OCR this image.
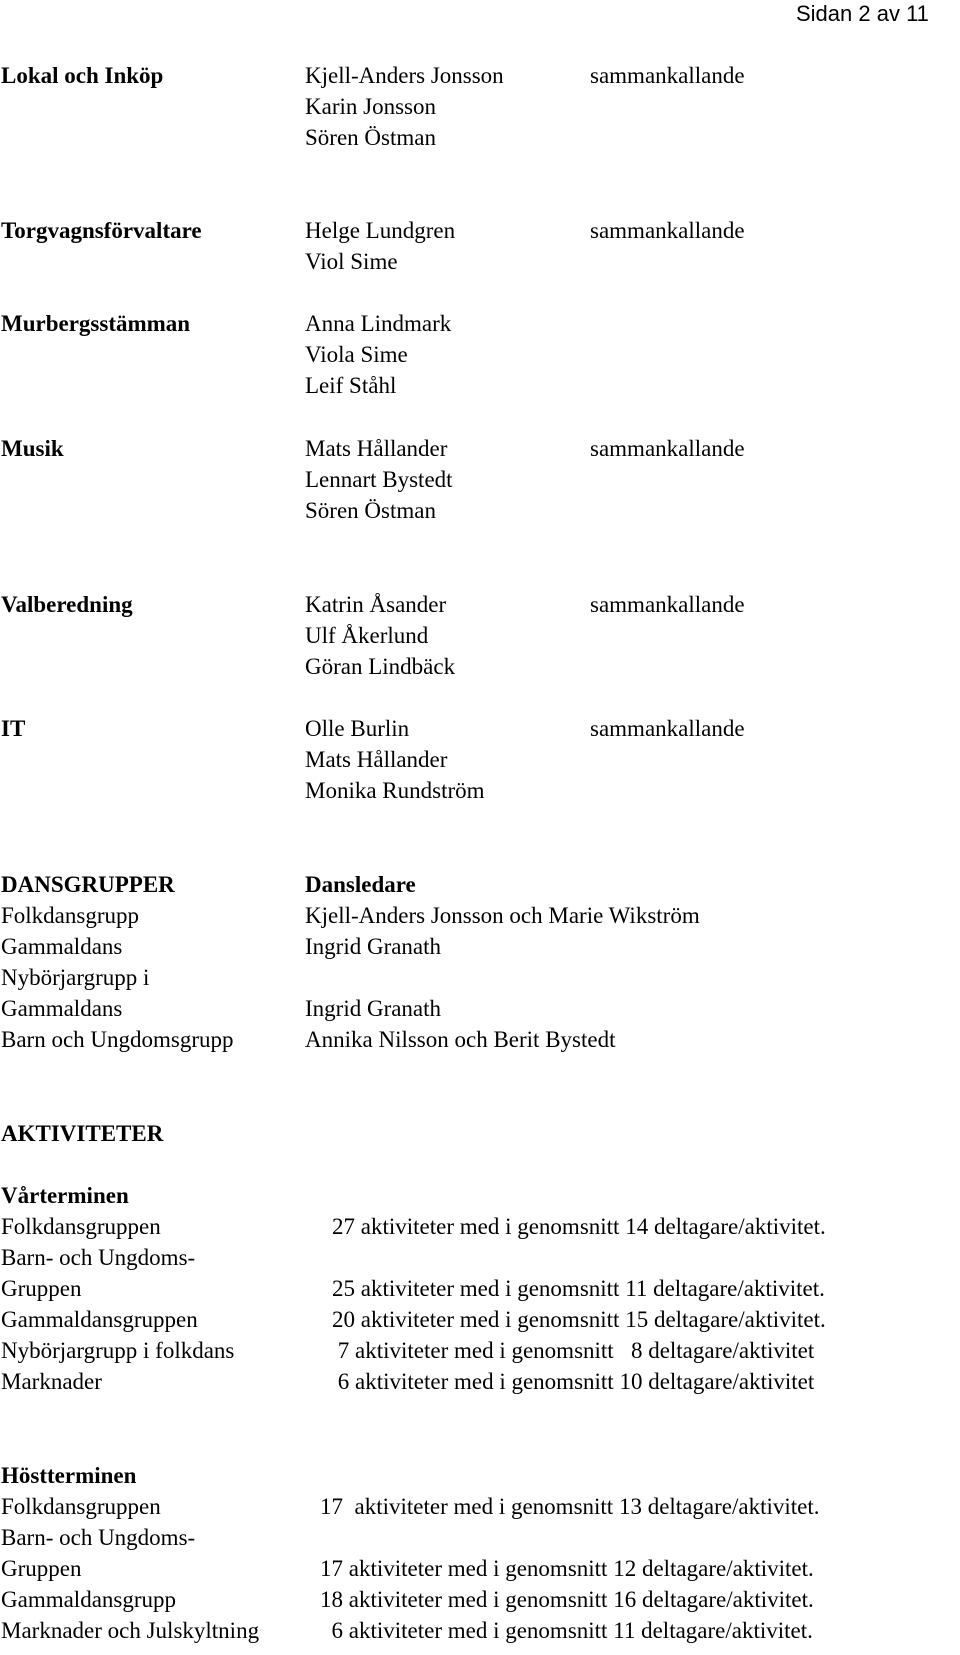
Sidan 2 av 11
Lokal och Inköp	Kjell-Anders Jonsson	sammankallande
Karin Jonsson
Sören Östman
Torgvagnsförvaltare	Helge Lundgren	sammankallande
Viol Sime
Murbergsstämman	Anna Lindmark
Viola Sime
Leif Ståhl
Musik	Mats Hållander	sammankallande
Lennart Bystedt
Sören Östman
Valberedning	Katrin Åsander	sammankallande
Ulf Åkerlund
Göran Lindbäck
IT	Olle Burlin	sammankallande
Mats Hållander
Monika Rundström
DANSGRUPPER	Dansledare
Folkdansgrupp	Kjell-Anders Jonsson och Marie Wikström
Gammaldans	Ingrid Granath
Nybörjargrupp i
Gammaldans	Ingrid Granath
Barn och Ungdomsgrupp	Annika Nilsson och Berit Bystedt
AKTIVITETER
Vårterminen
Folkdansgruppen	27 aktiviteter med i genomsnitt 14 deltagare/aktivitet.
Barn- och Ungdoms-
Gruppen	25 aktiviteter med i genomsnitt 11 deltagare/aktivitet.
Gammaldansgruppen	20 aktiviteter med i genomsnitt 15 deltagare/aktivitet.
Nybörjargrupp i folkdans	7 aktiviteter med i genomsnitt   8 deltagare/aktivitet
Marknader	6 aktiviteter med i genomsnitt 10 deltagare/aktivitet
Höstterminen
Folkdansgruppen	17  aktiviteter med i genomsnitt 13 deltagare/aktivitet.
Barn- och Ungdoms-
Gruppen	17 aktiviteter med i genomsnitt 12 deltagare/aktivitet.
Gammaldansgrupp	18 aktiviteter med i genomsnitt 16 deltagare/aktivitet.
Marknader och Julskyltning	6 aktiviteter med i genomsnitt 11 deltagare/aktivitet.
